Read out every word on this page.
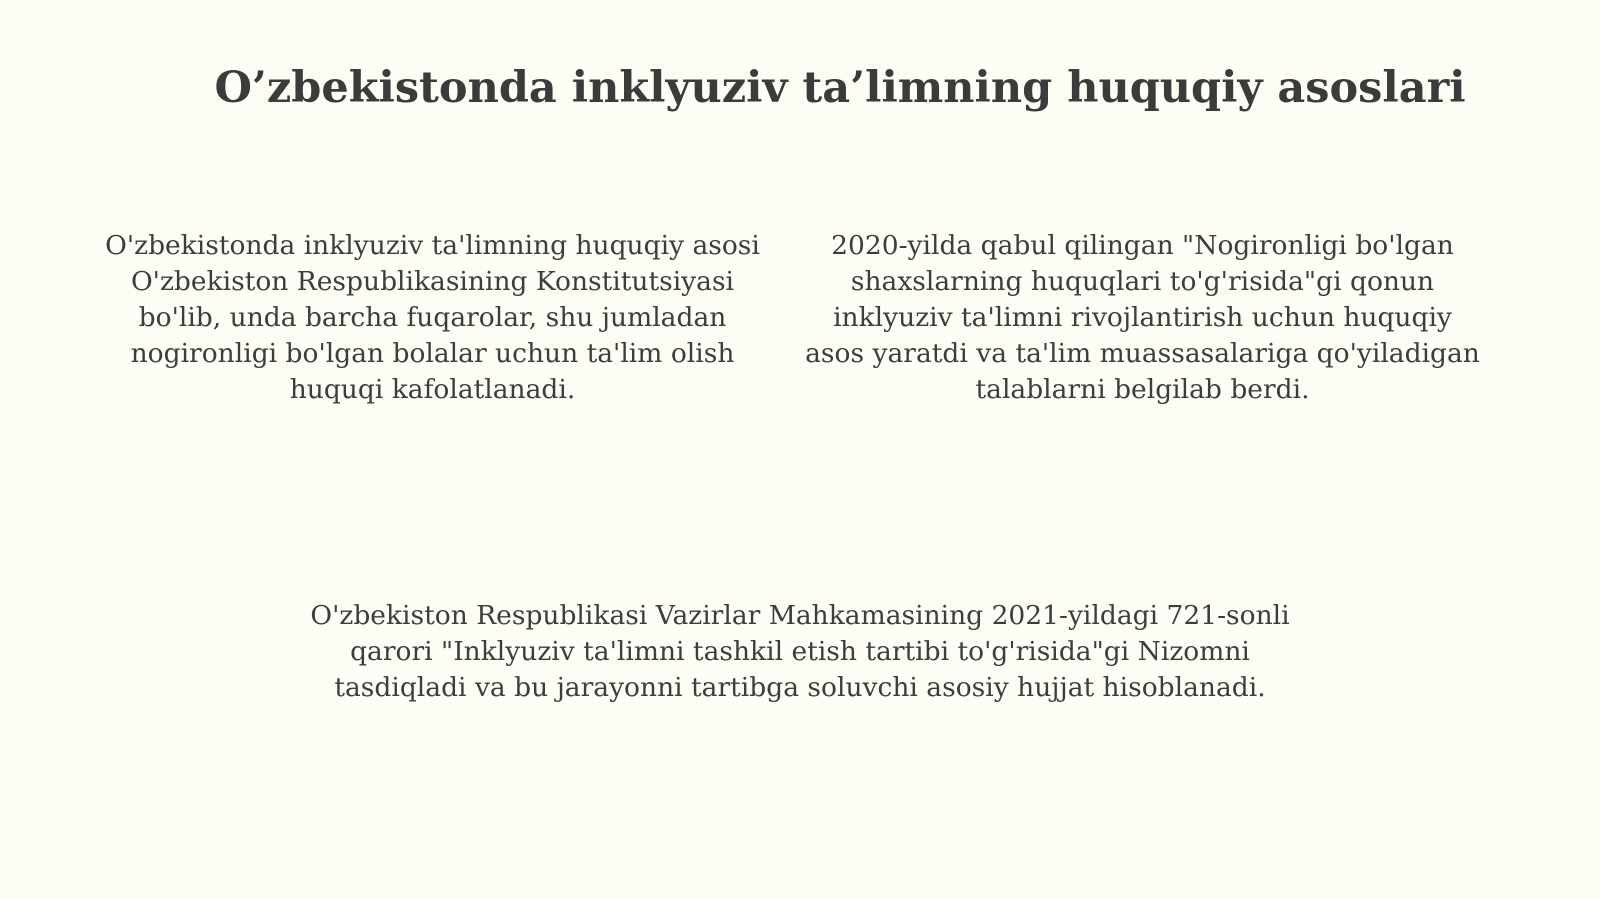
O’zbekistonda inklyuziv ta’limning huquqiy asoslari

O'zbekistonda inklyuziv ta'limning huquqiy asosi O'zbekiston Respublikasining Konstitutsiyasi bo'lib, unda barcha fuqarolar, shu jumladan nogironligi bo'lgan bolalar uchun ta'lim olish huquqi kafolatlanadi.

2020-yilda qabul qilingan "Nogironligi bo'lgan shaxslarning huquqlari to'g'risida"gi qonun inklyuziv ta'limni rivojlantirish uchun huquqiy asos yaratdi va ta'lim muassasalariga qo'yiladigan talablarni belgilab berdi.

O'zbekiston Respublikasi Vazirlar Mahkamasining 2021-yildagi 721-sonli qarori "Inklyuziv ta'limni tashkil etish tartibi to'g'risida"gi Nizomni tasdiqladi va bu jarayonni tartibga soluvchi asosiy hujjat hisoblanadi.
